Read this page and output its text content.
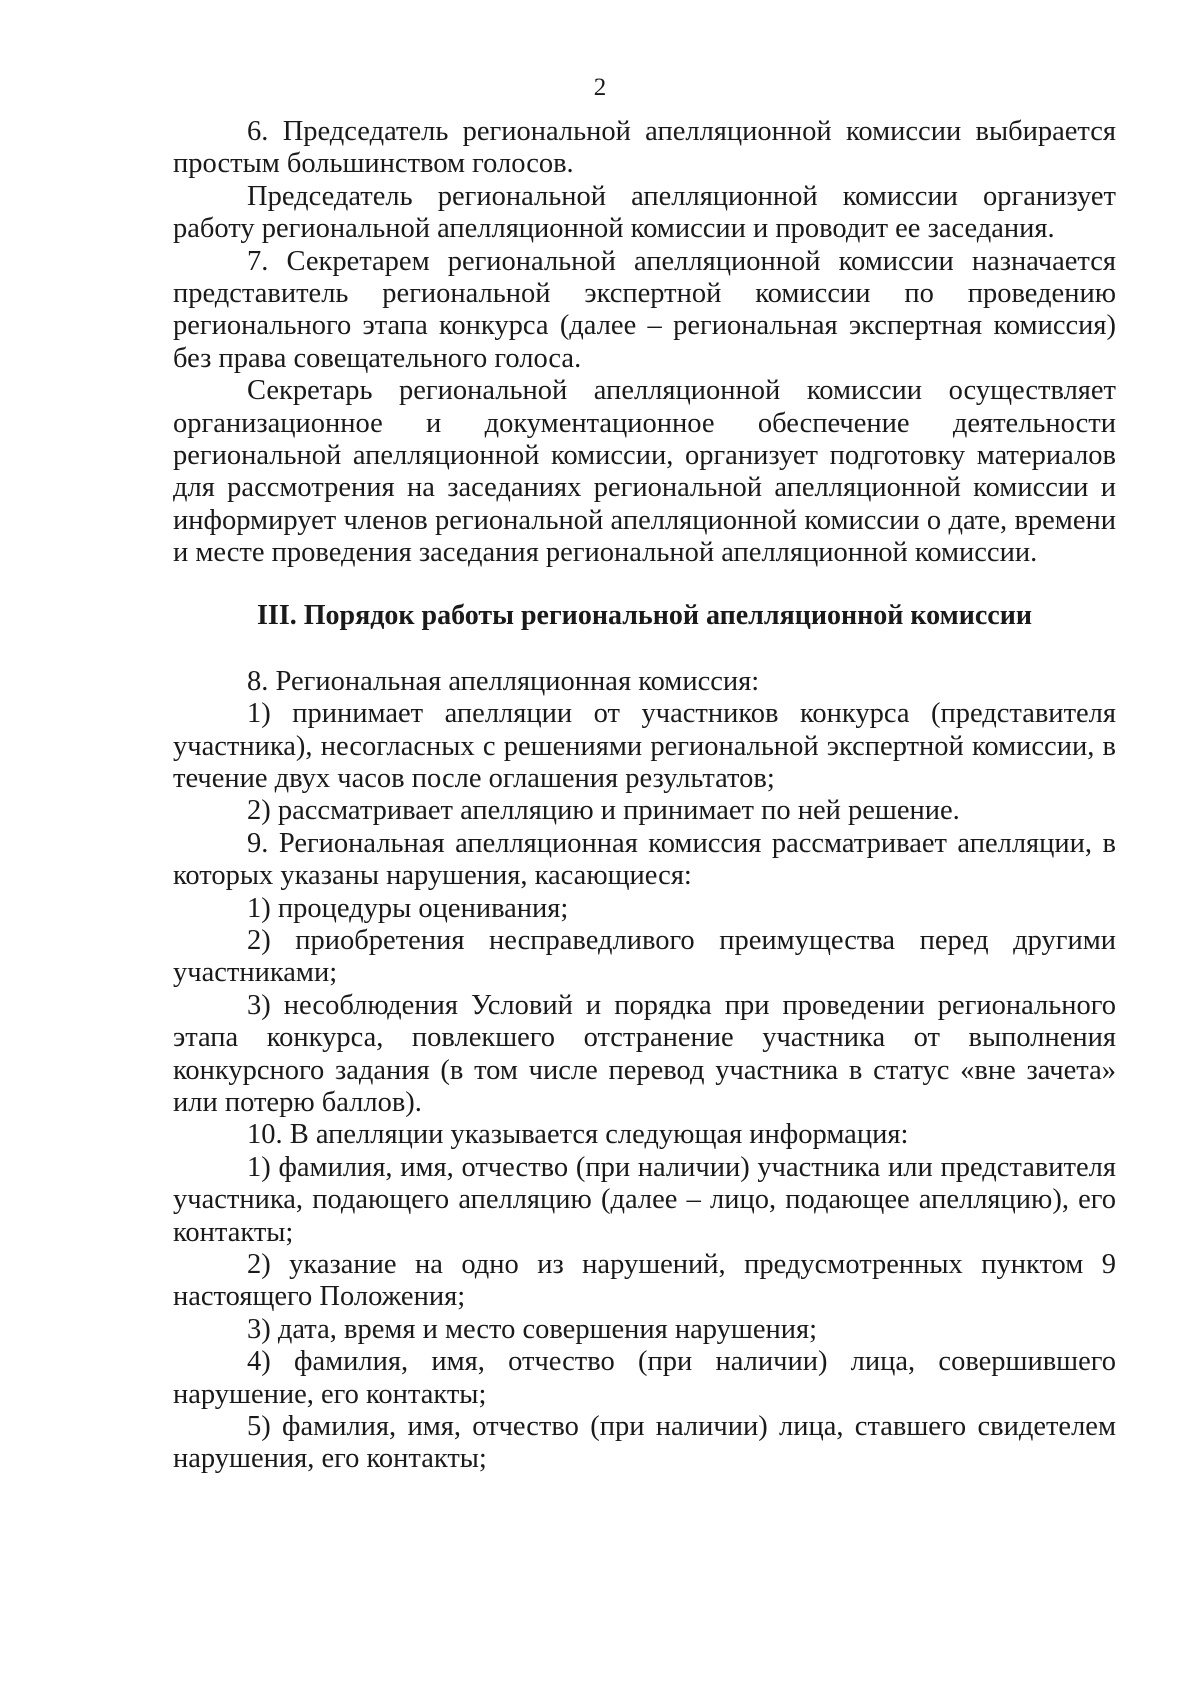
2

6. Председатель региональной апелляционной комиссии выбирается простым большинством голосов.

Председатель региональной апелляционной комиссии организует работу региональной апелляционной комиссии и проводит ее заседания.

7. Секретарем региональной апелляционной комиссии назначается представитель региональной экспертной комиссии по проведению регионального этапа конкурса (далее – региональная экспертная комиссия) без права совещательного голоса.

Секретарь региональной апелляционной комиссии осуществляет организационное и документационное обеспечение деятельности региональной апелляционной комиссии, организует подготовку материалов для рассмотрения на заседаниях региональной апелляционной комиссии и информирует членов региональной апелляционной комиссии о дате, времени и месте проведения заседания региональной апелляционной комиссии.

III. Порядок работы региональной апелляционной комиссии

8. Региональная апелляционная комиссия:

1) принимает апелляции от участников конкурса (представителя участника), несогласных с решениями региональной экспертной комиссии, в течение двух часов после оглашения результатов;

2) рассматривает апелляцию и принимает по ней решение.

9. Региональная апелляционная комиссия рассматривает апелляции, в которых указаны нарушения, касающиеся:

1) процедуры оценивания;

2) приобретения несправедливого преимущества перед другими участниками;

3) несоблюдения Условий и порядка при проведении регионального этапа конкурса, повлекшего отстранение участника от выполнения конкурсного задания (в том числе перевод участника в статус «вне зачета» или потерю баллов).

10. В апелляции указывается следующая информация:

1) фамилия, имя, отчество (при наличии) участника или представителя участника, подающего апелляцию (далее – лицо, подающее апелляцию), его контакты;

2) указание на одно из нарушений, предусмотренных пунктом 9 настоящего Положения;

3) дата, время и место совершения нарушения;

4) фамилия, имя, отчество (при наличии) лица, совершившего нарушение, его контакты;

5) фамилия, имя, отчество (при наличии) лица, ставшего свидетелем нарушения, его контакты;
